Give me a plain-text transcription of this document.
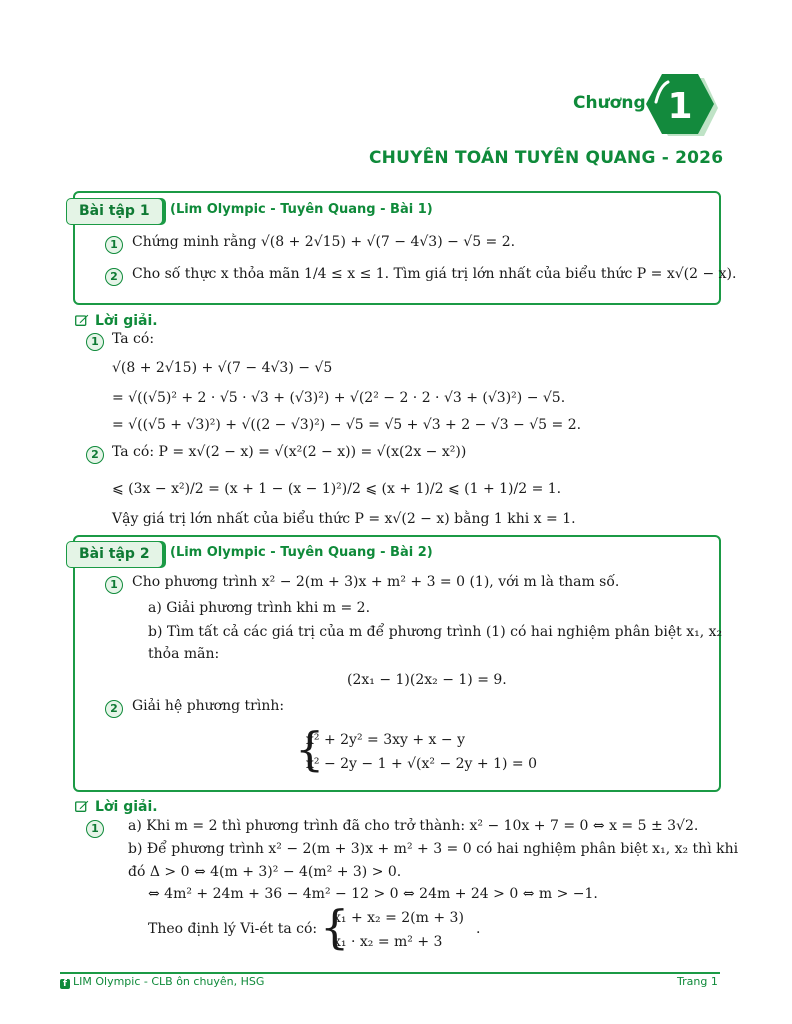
Chương 1
CHUYÊN TOÁN TUYÊN QUANG - 2026
Bài tập 1	(Lim Olympic - Tuyên Quang - Bài 1)
1	Chứng minh rằng √(8 + 2√15) + √(7 − 4√3) − √5 = 2.
2	Cho số thực x thỏa mãn 1/4 ≤ x ≤ 1. Tìm giá trị lớn nhất của biểu thức P = x√(2 − x).
Lời giải.
1 Ta có:
√(8 + 2√15) + √(7 − 4√3) − √5
= √((√5)² + 2 · √5 · √3 + (√3)²) + √(2² − 2 · 2 · √3 + (√3)²) − √5.
= √((√5 + √3)²) + √((2 − √3)²) − √5 = √5 + √3 + 2 − √3 − √5 = 2.
2 Ta có: P = x√(2 − x) = √(x²(2 − x)) = √(x(2x − x²))
⩽ (3x − x²)/2 = (x + 1 − (x − 1)²)/2 ⩽ (x + 1)/2 ⩽ (1 + 1)/2 = 1.
Vậy giá trị lớn nhất của biểu thức P = x√(2 − x) bằng 1 khi x = 1.
Bài tập 2	(Lim Olympic - Tuyên Quang - Bài 2)
1	Cho phương trình x² − 2(m + 3)x + m² + 3 = 0 (1), với m là tham số.
a) Giải phương trình khi m = 2.
b) Tìm tất cả các giá trị của m để phương trình (1) có hai nghiệm phân biệt x₁, x₂
thỏa mãn:
(2x₁ − 1)(2x₂ − 1) = 9.
2	Giải hệ phương trình:
{
x² + 2y² = 3xy + x − y
x² − 2y − 1 + √(x² − 2y + 1) = 0
Lời giải.
1	a) Khi m = 2 thì phương trình đã cho trở thành: x² − 10x + 7 = 0 ⇔ x = 5 ± 3√2.
b) Để phương trình x² − 2(m + 3)x + m² + 3 = 0 có hai nghiệm phân biệt x₁, x₂ thì khi
đó Δ > 0 ⇔ 4(m + 3)² − 4(m² + 3) > 0.
⇔ 4m² + 24m + 36 − 4m² − 12 > 0 ⇔ 24m + 24 > 0 ⇔ m > −1.
Theo định lý Vi-ét ta có: {
x₁ + x₂ = 2(m + 3)
x₁ · x₂ = m² + 3
.
f LIM Olympic - CLB ôn chuyên, HSG	Trang 1
